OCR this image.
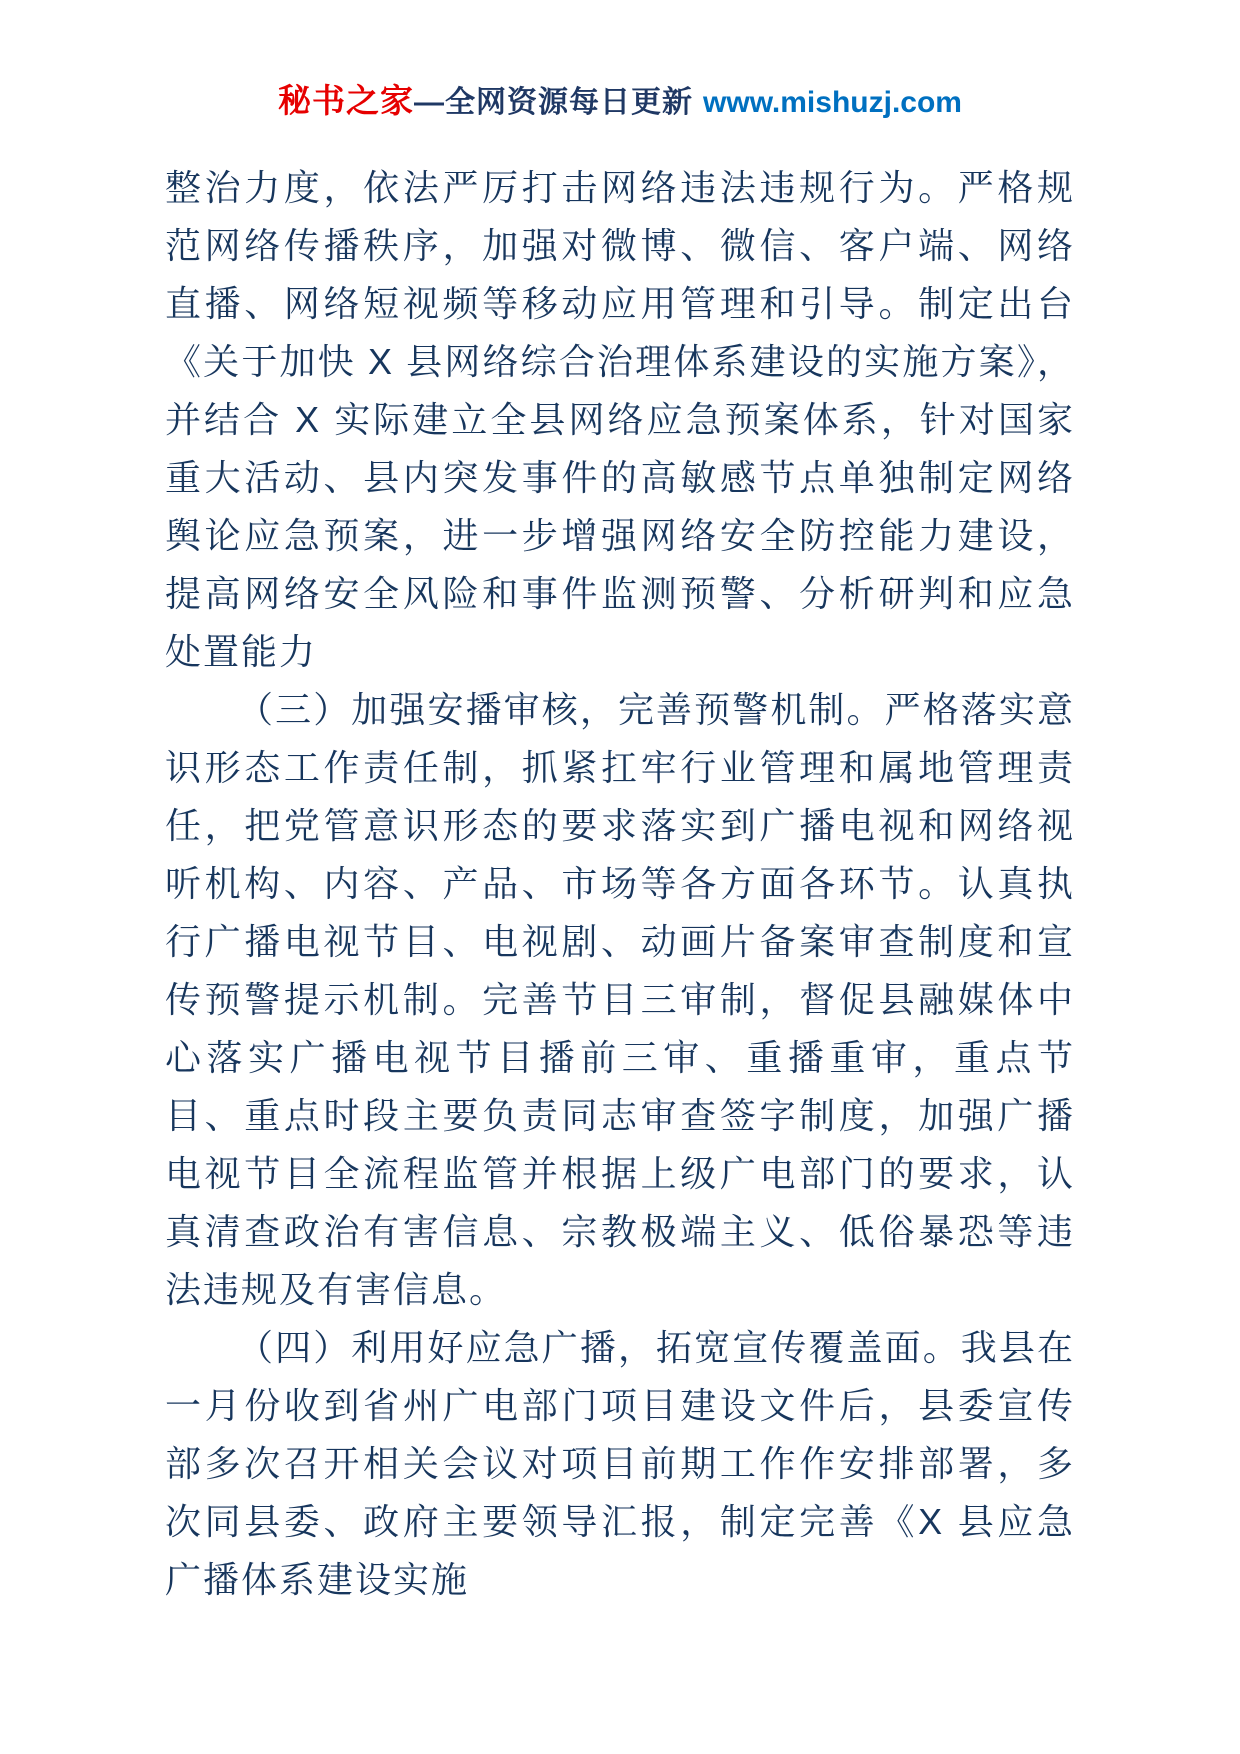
秘书之家—全网资源每日更新 www.mishuzj.com

整治力度，依法严厉打击网络违法违规行为。严格规范网络传播秩序，加强对微博、微信、客户端、网络直播、网络短视频等移动应用管理和引导。制定出台《关于加快 X 县网络综合治理体系建设的实施方案》，并结合 X 实际建立全县网络应急预案体系，针对国家重大活动、县内突发事件的高敏感节点单独制定网络舆论应急预案，进一步增强网络安全防控能力建设，提高网络安全风险和事件监测预警、分析研判和应急处置能力

（三）加强安播审核，完善预警机制。严格落实意识形态工作责任制，抓紧扛牢行业管理和属地管理责任，把党管意识形态的要求落实到广播电视和网络视听机构、内容、产品、市场等各方面各环节。认真执行广播电视节目、电视剧、动画片备案审查制度和宣传预警提示机制。完善节目三审制，督促县融媒体中心落实广播电视节目播前三审、重播重审，重点节目、重点时段主要负责同志审查签字制度，加强广播电视节目全流程监管并根据上级广电部门的要求，认真清查政治有害信息、宗教极端主义、低俗暴恐等违法违规及有害信息。

（四）利用好应急广播，拓宽宣传覆盖面。我县在一月份收到省州广电部门项目建设文件后，县委宣传部多次召开相关会议对项目前期工作作安排部署，多次同县委、政府主要领导汇报，制定完善《X 县应急广播体系建设实施
